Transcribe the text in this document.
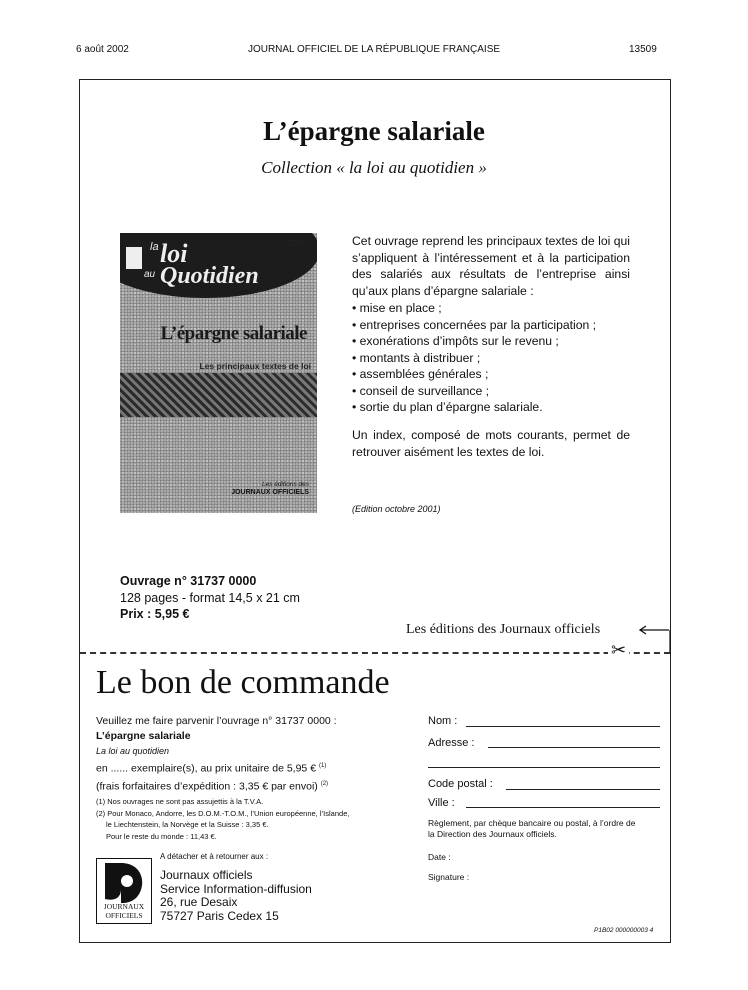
6 août 2002	JOURNAL OFFICIEL DE LA RÉPUBLIQUE FRANÇAISE	13509
L’épargne salariale
Collection « la loi au quotidien »
la loi
au Quotidien
2001
L’épargne salariale
Les principaux textes de loi
Les éditions des
JOURNAUX OFFICIELS
Cet ouvrage reprend les principaux textes de loi qui s’appliquent à l’intéressement et à la participation des salariés aux résultats de l’entreprise ainsi qu’aux plans d’épargne salariale :
• mise en place ;
• entreprises concernées par la participation ;
• exonérations d’impôts sur le revenu ;
• montants à distribuer ;
• assemblées générales ;
• conseil de surveillance ;
• sortie du plan d’épargne salariale.
Un index, composé de mots courants, permet de retrouver aisément les textes de loi.
(Edition octobre 2001)
Ouvrage n° 31737 0000
128 pages - format 14,5 x 21 cm
Prix : 5,95 €
Les éditions des Journaux officiels
✂
Le bon de commande
Veuillez me faire parvenir l’ouvrage n° 31737 0000 :
L’épargne salariale
La loi au quotidien
en ...... exemplaire(s), au prix unitaire de 5,95 € $^{(1)}$
(frais forfaitaires d’expédition : 3,35 € par envoi) $^{(2)}$
(1) Nos ouvrages ne sont pas assujettis à la T.V.A.
(2) Pour Monaco, Andorre, les D.O.M.-T.O.M., l’Union européenne, l’Islande,
le Liechtenstein, la Norvège et la Suisse : 3,35 €.
Pour le reste du monde : 11,43 €.
JOURNAUX
OFFICIELS
A détacher et à retourner aux :
Journaux officiels
Service Information-diffusion
26, rue Desaix
75727 Paris Cedex 15
Nom :
Adresse :
Code postal :
Ville :
Règlement, par chèque bancaire ou postal, à l’ordre de
la Direction des Journaux officiels.
Date :
Signature :
P1B02 000000003 4
